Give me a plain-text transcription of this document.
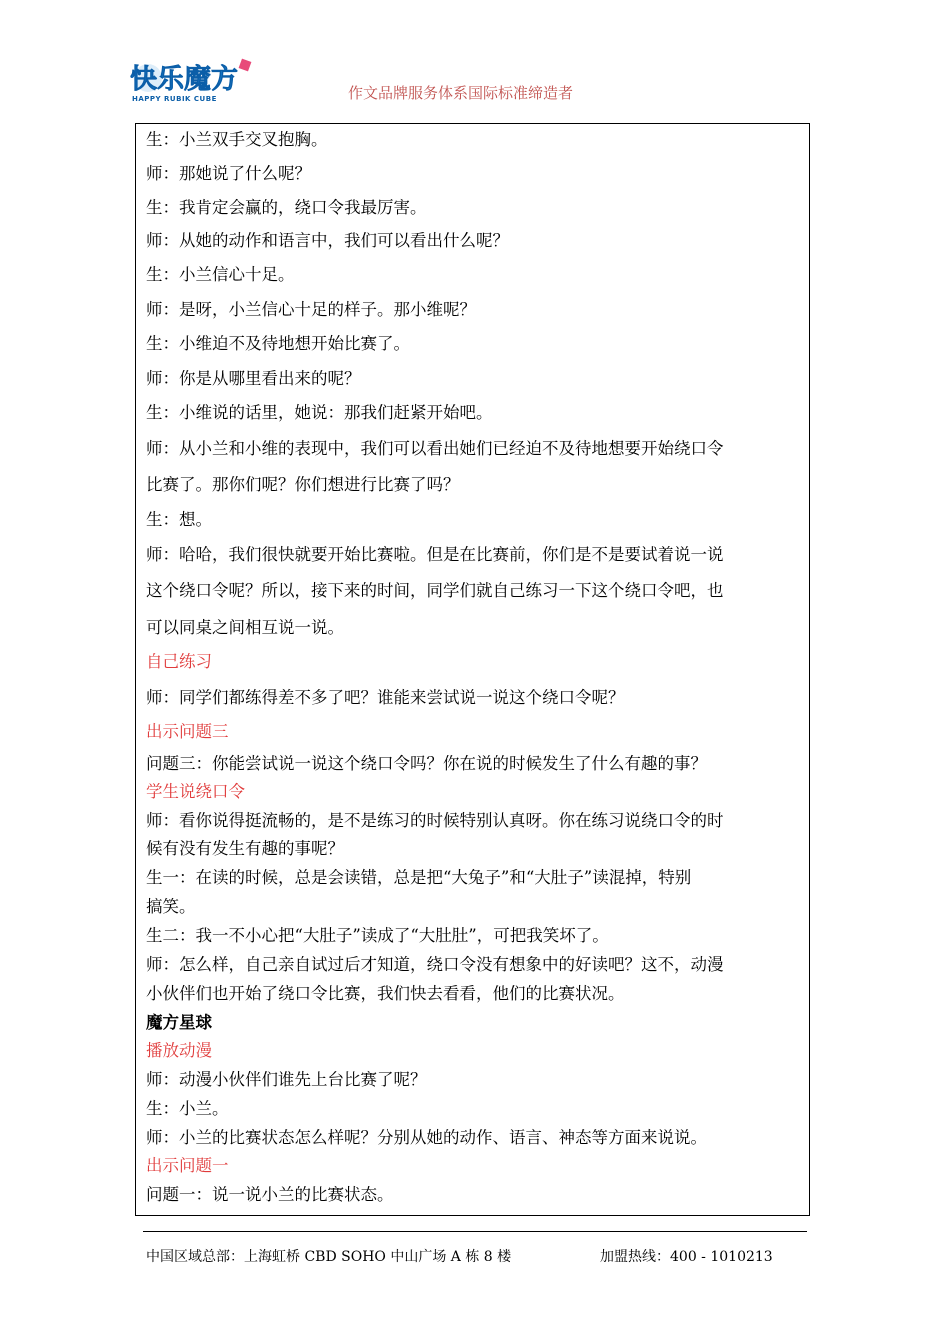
快乐魔方
HAPPY RUBIK CUBE	作文品牌服务体系国际标准缔造者
生：小兰双手交叉抱胸。
师：那她说了什么呢？
生：我肯定会赢的，绕口令我最厉害。
师：从她的动作和语言中，我们可以看出什么呢？
生：小兰信心十足。
师：是呀，小兰信心十足的样子。那小维呢？
生：小维迫不及待地想开始比赛了。
师：你是从哪里看出来的呢？
生：小维说的话里，她说：那我们赶紧开始吧。
师：从小兰和小维的表现中，我们可以看出她们已经迫不及待地想要开始绕口令
比赛了。那你们呢？你们想进行比赛了吗？
生：想。
师：哈哈，我们很快就要开始比赛啦。但是在比赛前，你们是不是要试着说一说
这个绕口令呢？所以，接下来的时间，同学们就自己练习一下这个绕口令吧，也
可以同桌之间相互说一说。
自己练习
师：同学们都练得差不多了吧？谁能来尝试说一说这个绕口令呢？
出示问题三
问题三：你能尝试说一说这个绕口令吗？你在说的时候发生了什么有趣的事？
学生说绕口令
师：看你说得挺流畅的，是不是练习的时候特别认真呀。你在练习说绕口令的时
候有没有发生有趣的事呢？
生一：在读的时候，总是会读错，总是把“大兔子”和“大肚子”读混掉，特别
搞笑。
生二：我一不小心把“大肚子”读成了“大肚肚”，可把我笑坏了。
师：怎么样，自己亲自试过后才知道，绕口令没有想象中的好读吧？这不，动漫
小伙伴们也开始了绕口令比赛，我们快去看看，他们的比赛状况。
魔方星球
播放动漫
师：动漫小伙伴们谁先上台比赛了呢？
生：小兰。
师：小兰的比赛状态怎么样呢？分别从她的动作、语言、神态等方面来说说。
出示问题一
问题一：说一说小兰的比赛状态。
中国区域总部：上海虹桥 CBD SOHO 中山广场 A 栋 8 楼	加盟热线：400 - 1010213
